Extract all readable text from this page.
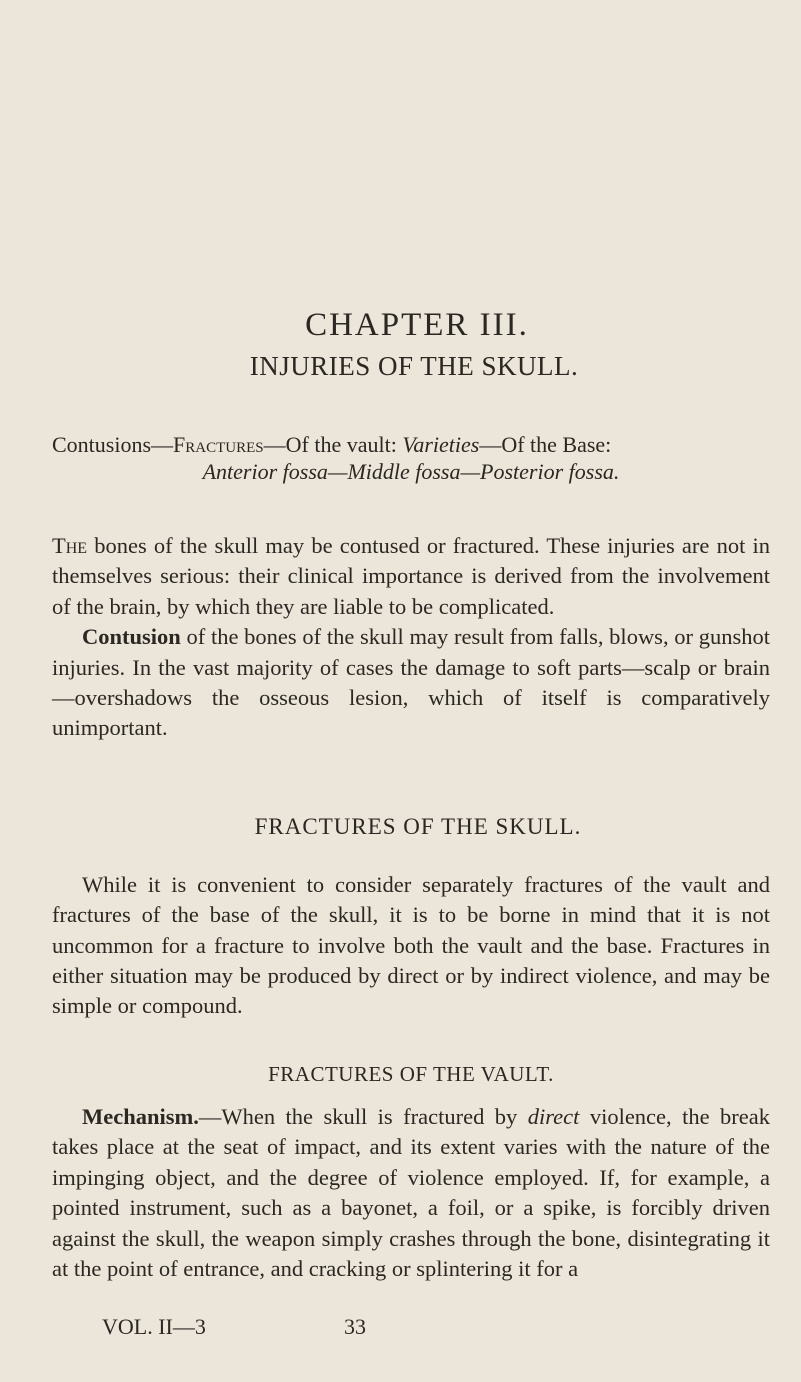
CHAPTER III.
INJURIES OF THE SKULL.
Contusions—Fractures—Of the vault: Varieties—Of the Base:
Anterior fossa—Middle fossa—Posterior fossa.

The bones of the skull may be contused or fractured. These injuries are not in themselves serious: their clinical importance is derived from the involvement of the brain, by which they are liable to be complicated.

Contusion of the bones of the skull may result from falls, blows, or gunshot injuries. In the vast majority of cases the damage to soft parts—scalp or brain—overshadows the osseous lesion, which of itself is comparatively unimportant.

FRACTURES OF THE SKULL.

While it is convenient to consider separately fractures of the vault and fractures of the base of the skull, it is to be borne in mind that it is not uncommon for a fracture to involve both the vault and the base. Fractures in either situation may be produced by direct or by indirect violence, and may be simple or compound.

FRACTURES OF THE VAULT.

Mechanism.—When the skull is fractured by direct violence, the break takes place at the seat of impact, and its extent varies with the nature of the impinging object, and the degree of violence employed. If, for example, a pointed instrument, such as a bayonet, a foil, or a spike, is forcibly driven against the skull, the weapon simply crashes through the bone, disintegrating it at the point of entrance, and cracking or splintering it for a

VOL. II—3	33
